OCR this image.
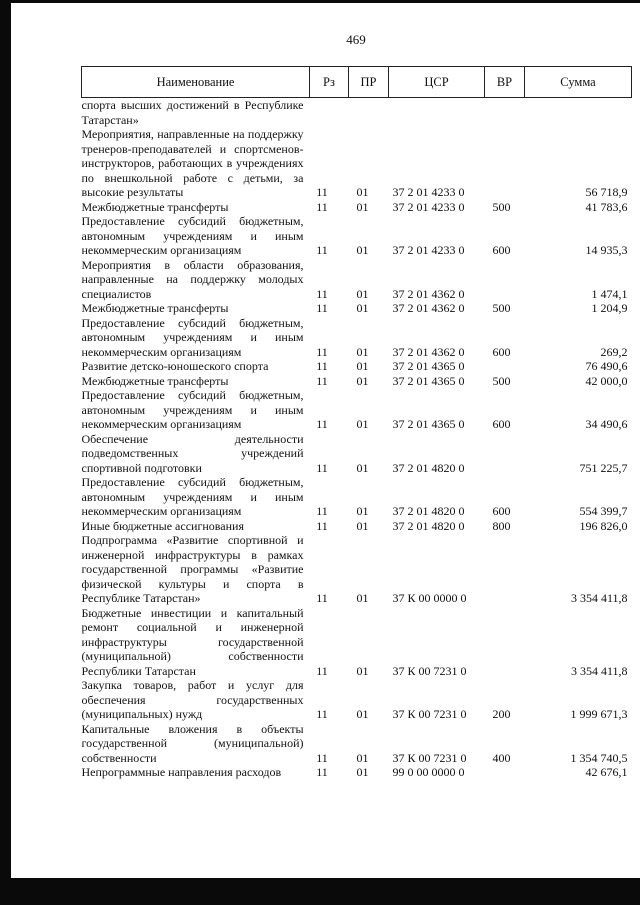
469
Наименование	Рз	ПР	ЦСР	ВР	Сумма
спорта высших достижений в Республике Татарстан»					
Мероприятия, направленные на поддержку тренеров-преподавателей и спортсменов-инструкторов, работающих в учреждениях по внешкольной работе с детьми, за высокие результаты	11	01	37 2 01 4233 0		56 718,9
Межбюджетные трансферты	11	01	37 2 01 4233 0	500	41 783,6
Предоставление субсидий бюджетным, автономным учреждениям и иным некоммерческим организациям	11	01	37 2 01 4233 0	600	14 935,3
Мероприятия в области образования, направленные на поддержку молодых специалистов	11	01	37 2 01 4362 0		1 474,1
Межбюджетные трансферты	11	01	37 2 01 4362 0	500	1 204,9
Предоставление субсидий бюджетным, автономным учреждениям и иным некоммерческим организациям	11	01	37 2 01 4362 0	600	269,2
Развитие детско-юношеского спорта	11	01	37 2 01 4365 0		76 490,6
Межбюджетные трансферты	11	01	37 2 01 4365 0	500	42 000,0
Предоставление субсидий бюджетным, автономным учреждениям и иным некоммерческим организациям	11	01	37 2 01 4365 0	600	34 490,6
Обеспечение деятельности подведомственных учреждений спортивной подготовки	11	01	37 2 01 4820 0		751 225,7
Предоставление субсидий бюджетным, автономным учреждениям и иным некоммерческим организациям	11	01	37 2 01 4820 0	600	554 399,7
Иные бюджетные ассигнования	11	01	37 2 01 4820 0	800	196 826,0
Подпрограмма «Развитие спортивной и инженерной инфраструктуры в рамках государственной программы «Развитие физической культуры и спорта в Республике Татарстан»	11	01	37 К 00 0000 0		3 354 411,8
Бюджетные инвестиции и капитальный ремонт социальной и инженерной инфраструктуры государственной (муниципальной) собственности Республики Татарстан	11	01	37 К 00 7231 0		3 354 411,8
Закупка товаров, работ и услуг для обеспечения государственных (муниципальных) нужд	11	01	37 К 00 7231 0	200	1 999 671,3
Капитальные вложения в объекты государственной (муниципальной) собственности	11	01	37 К 00 7231 0	400	1 354 740,5
Непрограммные направления расходов	11	01	99 0 00 0000 0		42 676,1
